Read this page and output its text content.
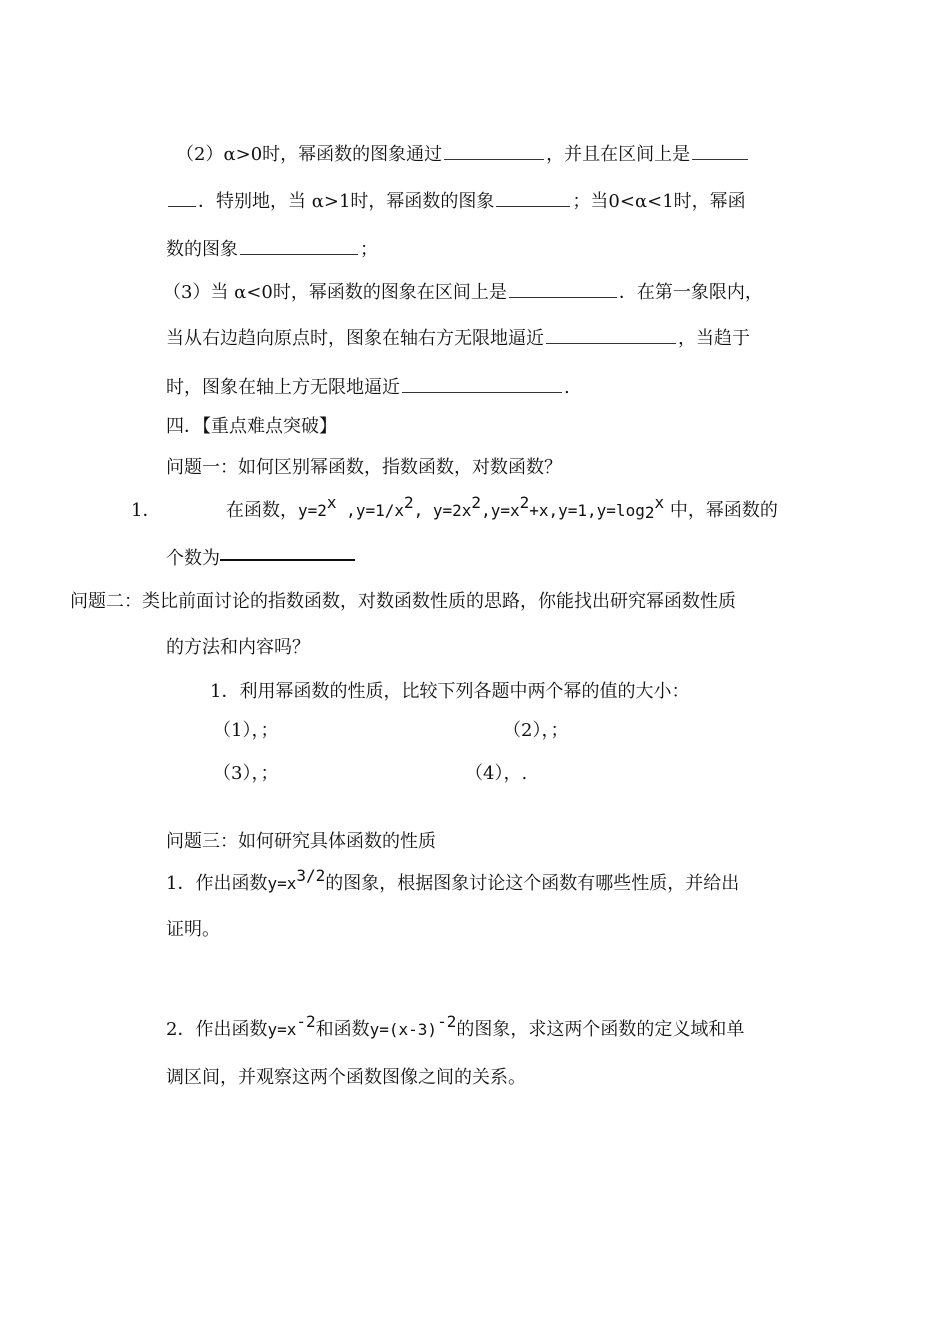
（2）α>0时，幂函数的图象通过	，并且在区间上是
．特别地，当 α>1时，幂函数的图象	；当0<α<1时，幂函
数的图象	；
（3）当 α<0时，幂函数的图象在区间上是	．在第一象限内，
当从右边趋向原点时，图象在轴右方无限地逼近	，当趋于
时，图象在轴上方无限地逼近	.
四．【重点难点突破】
问题一：如何区别幂函数，指数函数，对数函数？
1．	在函数，$y=2^x$ $,y=1/x^2$, $y=2x^2,y=x^2+x,y=1,y=\log_2^x$ 中，幂函数的
个数为
问题二：类比前面讨论的指数函数，对数函数性质的思路，你能找出研究幂函数性质
的方法和内容吗？
1．利用幂函数的性质，比较下列各题中两个幂的值的大小：
（1），；	（2），；
（3），；	（4），.
问题三：如何研究具体函数的性质
1．作出函数$y=x^{3/2}$的图象，根据图象讨论这个函数有哪些性质，并给出
证明。
2．作出函数$y=x^{-2}$和函数$y=(x-3)^{-2}$的图象，求这两个函数的定义域和单
调区间，并观察这两个函数图像之间的关系。
